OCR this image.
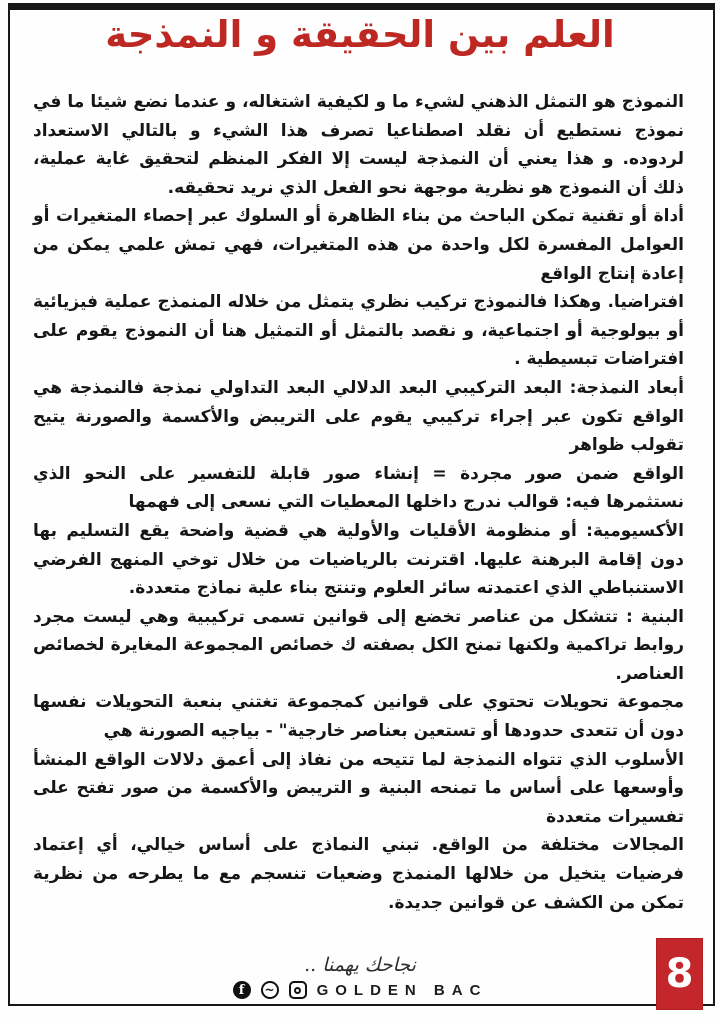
العلم بين الحقيقة و النمذجة

النموذج هو التمثل الذهني لشيء ما و لكيفية اشتغاله، و عندما نضع شيئا ما في نموذج نستطيع أن نقلد اصطناعيا تصرف هذا الشيء و بالتالي الاستعداد لردوده. و هذا يعني أن النمذجة ليست إلا الفكر المنظم لتحقيق غاية عملية، ذلك أن النموذج هو نظرية موجهة نحو الفعل الذي نريد تحقيقه.

أداة أو تقنية تمكن الباحث من بناء الظاهرة أو السلوك عبر إحصاء المتغيرات أو العوامل المفسرة لكل واحدة من هذه المتغيرات، فهي تمش علمي يمكن من إعادة إنتاج الواقع

افتراضيا. وهكذا فالنموذج تركيب نظري يتمثل من خلاله المنمذج عملية فيزيائية أو بيولوجية أو اجتماعية، و نقصد بالتمثل أو التمثيل هنا أن النموذج يقوم على افتراضات تبسيطية .

أبعاد النمذجة: البعد التركيبي البعد الدلالي البعد التداولي نمذجة فالنمذجة هي الواقع تكون عبر إجراء تركيبي يقوم على التريبض والأكسمة والصورنة يتيح تقولب ظواهر

الواقع ضمن صور مجردة = إنشاء صور قابلة للتفسير على النحو الذي نستثمرها فيه: قوالب ندرج داخلها المعطيات التي نسعى إلى فهمها

الأكسيومية: أو منظومة الأقليات والأولية هي قضية واضحة يقع التسليم بها دون إقامة البرهنة عليها. اقترنت بالرياضيات من خلال توخي المنهج الفرضي الاستنباطي الذي اعتمدته سائر العلوم وتنتج بناء علية نماذج متعددة.

البنية : تتشكل من عناصر تخضع إلى قوانين تسمى تركيبية وهي ليست مجرد روابط تراكمية ولكنها تمنح الكل بصفته ك خصائص المجموعة المغايرة لخصائص العناصر.

مجموعة تحويلات تحتوي على قوانين كمجموعة تغتني بنعبة التحويلات نفسها دون أن تتعدى حدودها أو تستعين بعناصر خارجية" - بياجيه الصورنة هي

الأسلوب الذي تتواه النمذجة لما تتيحه من نفاذ إلى أعمق دلالات الواقع المنشأ وأوسعها على أساس ما تمنحه البنية و التريبض والأكسمة من صور تفتح على تفسيرات متعددة

المجالات مختلفة من الواقع. تبني النماذج على أساس خيالي، أي إعتماد فرضيات يتخيل من خلالها المنمذج وضعيات تنسجم مع ما يطرحه من نظرية تمكن من الكشف عن قوانين جديدة.

نجاحك يهمنا ..
f	~	GOLDEN BAC	8
